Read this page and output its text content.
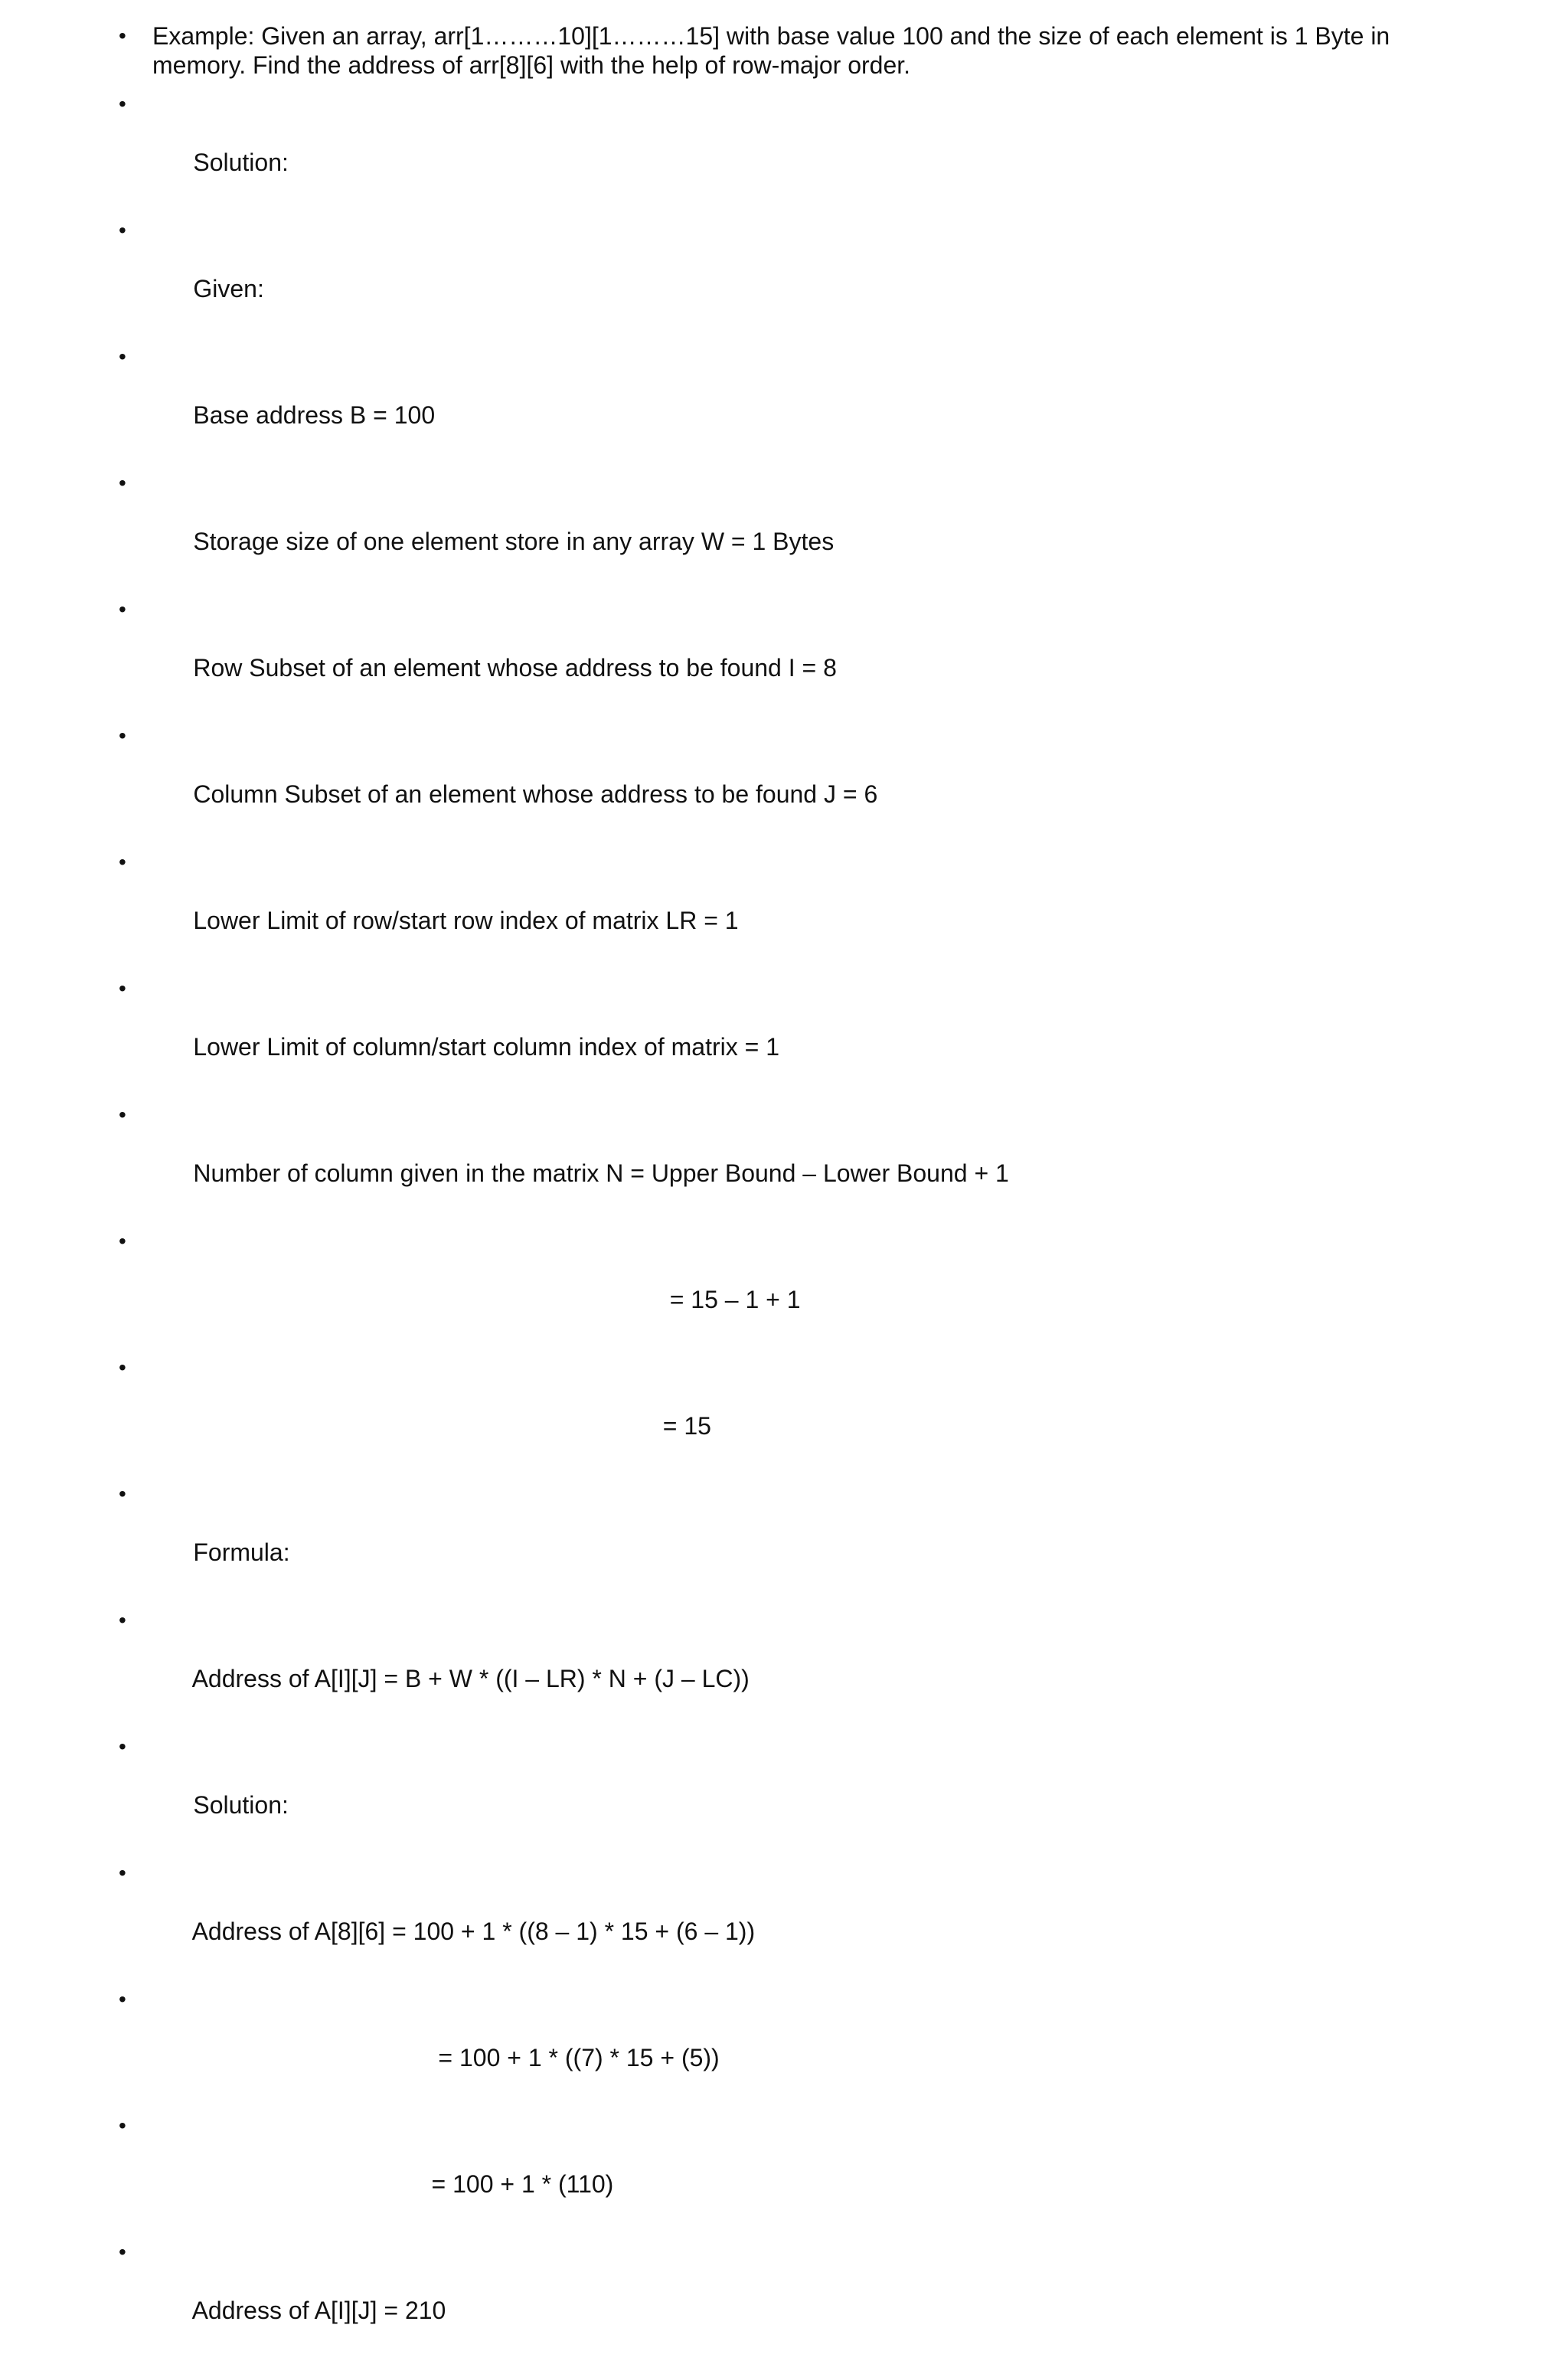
• Example: Given an array, arr[1………10][1………15] with base value 100 and the size of each element is 1 Byte in memory. Find the address of arr[8][6] with the help of row-major order.

•

Solution:

•

Given:

•

Base address B = 100

•

Storage size of one element store in any array W = 1 Bytes

•

Row Subset of an element whose address to be found I = 8

•

Column Subset of an element whose address to be found J = 6

•

Lower Limit of row/start row index of matrix LR = 1

•

Lower Limit of column/start column index of matrix = 1

•

Number of column given in the matrix N = Upper Bound – Lower Bound + 1

•

= 15 – 1 + 1

•

= 15

•

Formula:

•

Address of A[I][J] = B + W * ((I – LR) * N + (J – LC))

•

Solution:

•

Address of A[8][6] = 100 + 1 * ((8 – 1) * 15 + (6 – 1))

•

= 100 + 1 * ((7) * 15 + (5))

•

= 100 + 1 * (110)

•

Address of A[I][J] = 210
